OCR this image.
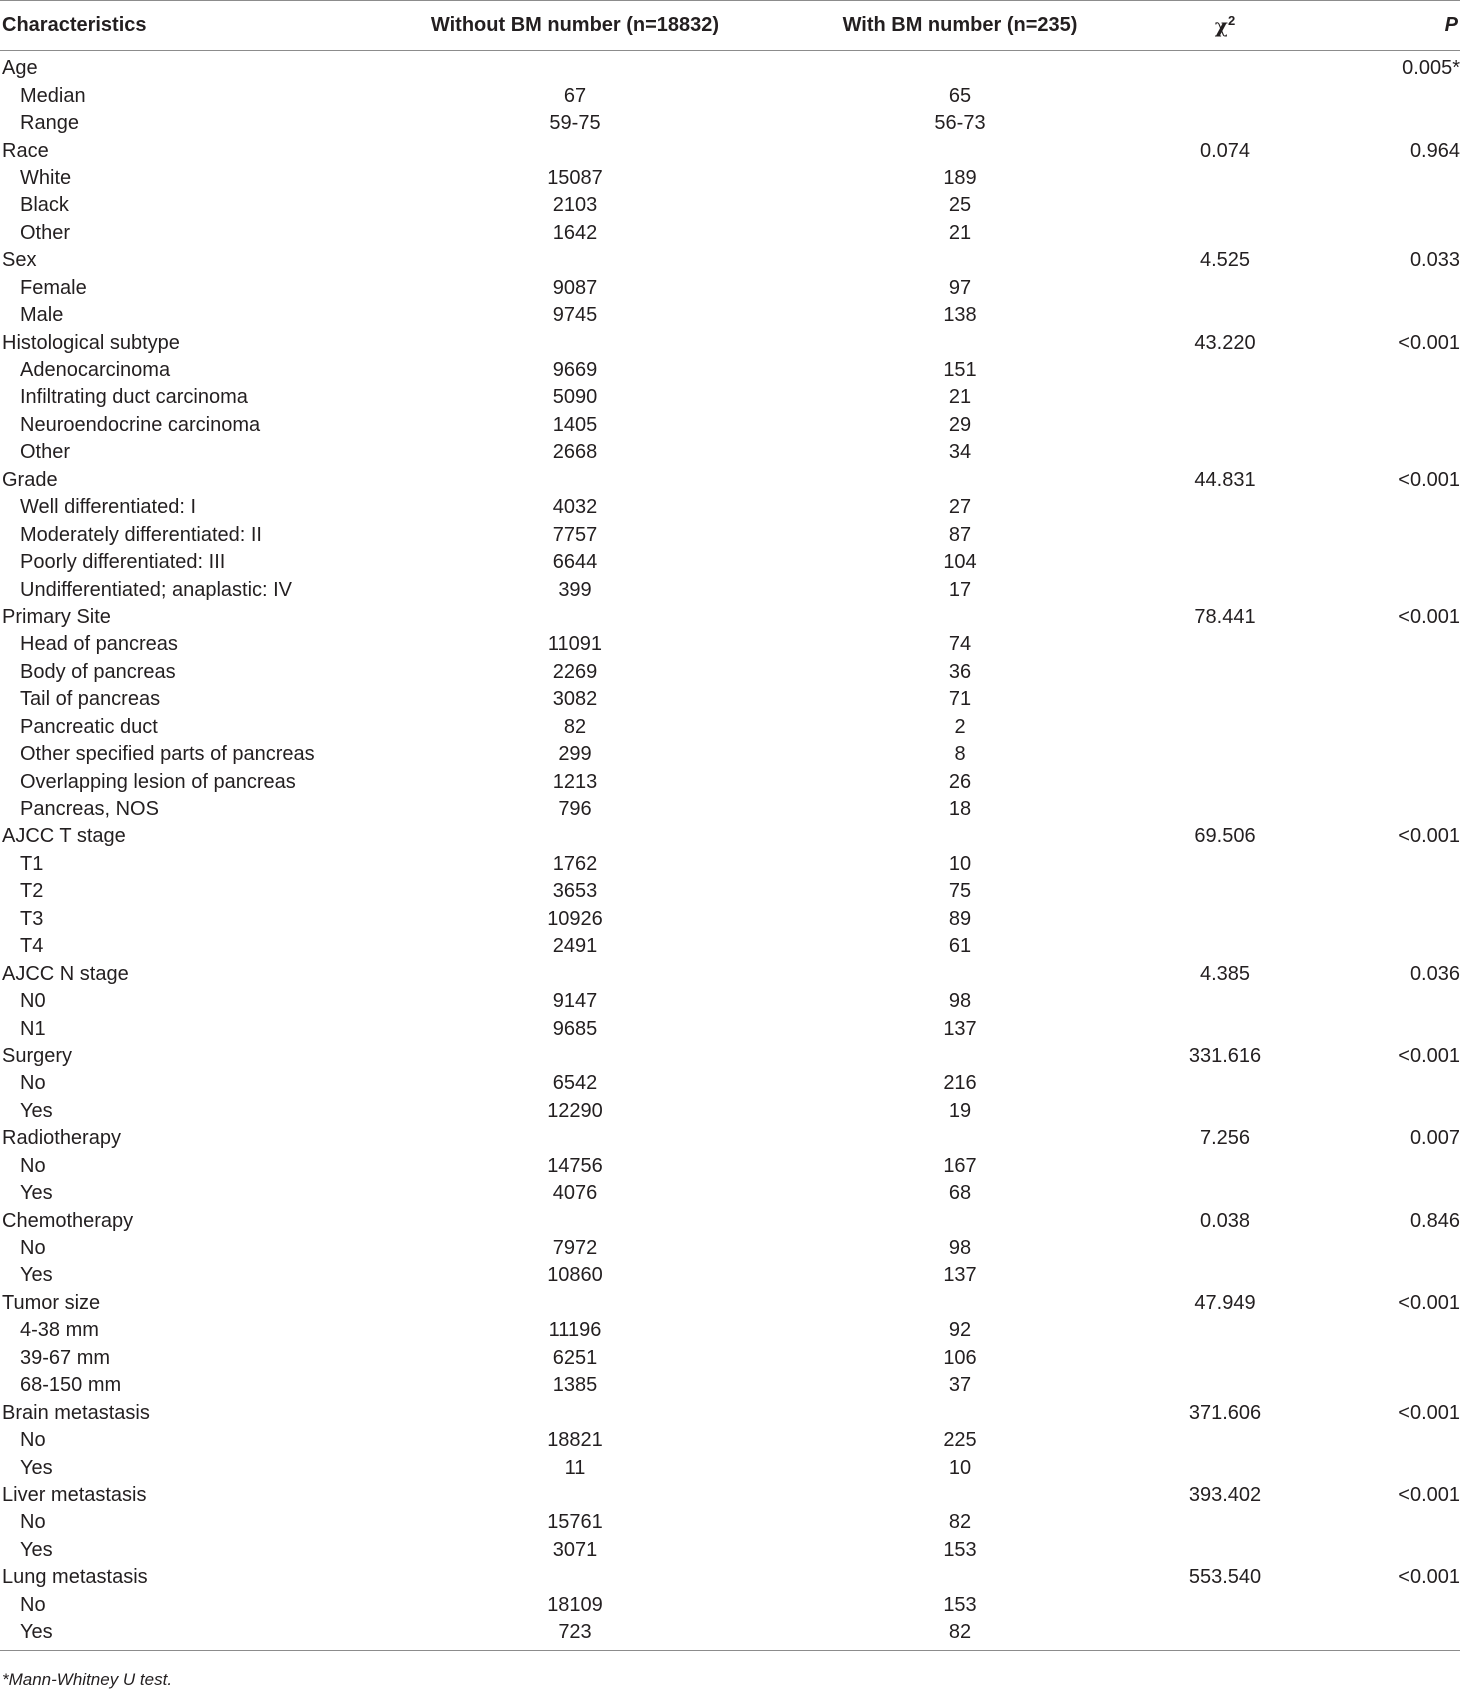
Characteristics	Without BM number (n=18832)	With BM number (n=235)	$\chi^2$	P
Age				0.005*
Median	67	65		
Range	59-75	56-73		
Race			0.074	0.964
White	15087	189		
Black	2103	25		
Other	1642	21		
Sex			4.525	0.033
Female	9087	97		
Male	9745	138		
Histological subtype			43.220	<0.001
Adenocarcinoma	9669	151		
Infiltrating duct carcinoma	5090	21		
Neuroendocrine carcinoma	1405	29		
Other	2668	34		
Grade			44.831	<0.001
Well differentiated: I	4032	27		
Moderately differentiated: II	7757	87		
Poorly differentiated: III	6644	104		
Undifferentiated; anaplastic: IV	399	17		
Primary Site			78.441	<0.001
Head of pancreas	11091	74		
Body of pancreas	2269	36		
Tail of pancreas	3082	71		
Pancreatic duct	82	2		
Other specified parts of pancreas	299	8		
Overlapping lesion of pancreas	1213	26		
Pancreas, NOS	796	18		
AJCC T stage			69.506	<0.001
T1	1762	10		
T2	3653	75		
T3	10926	89		
T4	2491	61		
AJCC N stage			4.385	0.036
N0	9147	98		
N1	9685	137		
Surgery			331.616	<0.001
No	6542	216		
Yes	12290	19		
Radiotherapy			7.256	0.007
No	14756	167		
Yes	4076	68		
Chemotherapy			0.038	0.846
No	7972	98		
Yes	10860	137		
Tumor size			47.949	<0.001
4-38 mm	11196	92		
39-67 mm	6251	106		
68-150 mm	1385	37		
Brain metastasis			371.606	<0.001
No	18821	225		
Yes	11	10		
Liver metastasis			393.402	<0.001
No	15761	82		
Yes	3071	153		
Lung metastasis			553.540	<0.001
No	18109	153		
Yes	723	82		
*Mann-Whitney U test.
